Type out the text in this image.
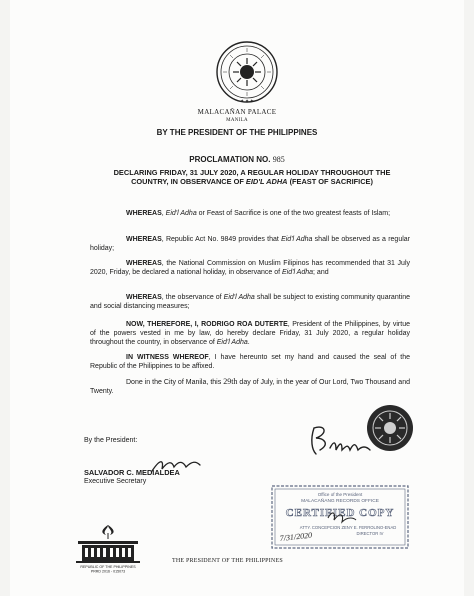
★ ★ ★
MALACAÑAN PALACE
MANILA
BY THE PRESIDENT OF THE PHILIPPINES
PROCLAMATION NO. 985
DECLARING FRIDAY, 31 JULY 2020, A REGULAR HOLIDAY THROUGHOUT THE COUNTRY, IN OBSERVANCE OF EID'L ADHA (FEAST OF SACRIFICE)
WHEREAS, Eid'l Adha or Feast of Sacrifice is one of the two greatest feasts of Islam;
WHEREAS, Republic Act No. 9849 provides that Eid'l Adha shall be observed as a regular holiday;
WHEREAS, the National Commission on Muslim Filipinos has recommended that 31 July 2020, Friday, be declared a national holiday, in observance of Eid'l Adha; and
WHEREAS, the observance of Eid'l Adha shall be subject to existing community quarantine and social distancing measures;
NOW, THEREFORE, I, RODRIGO ROA DUTERTE, President of the Philippines, by virtue of the powers vested in me by law, do hereby declare Friday, 31 July 2020, a regular holiday throughout the country, in observance of Eid'l Adha.
IN WITNESS WHEREOF, I have hereunto set my hand and caused the seal of the Republic of the Philippines to be affixed.
Done in the City of Manila, this 29th day of July, in the year of Our Lord, Two Thousand and Twenty.
By the President:
SALVADOR C. MEDIALDEA
Executive Secretary
Office of the President
MALACAÑANG RECORDS OFFICE
CERTIFIED COPY
ATTY. CONCEPCION ZENY E. FERROLINO-ENAD
DIRECTOR IV
7/31/2020
REPUBLIC OF THE PHILIPPINES
PRRD 2016 - 015073
THE PRESIDENT OF THE PHILIPPINES
